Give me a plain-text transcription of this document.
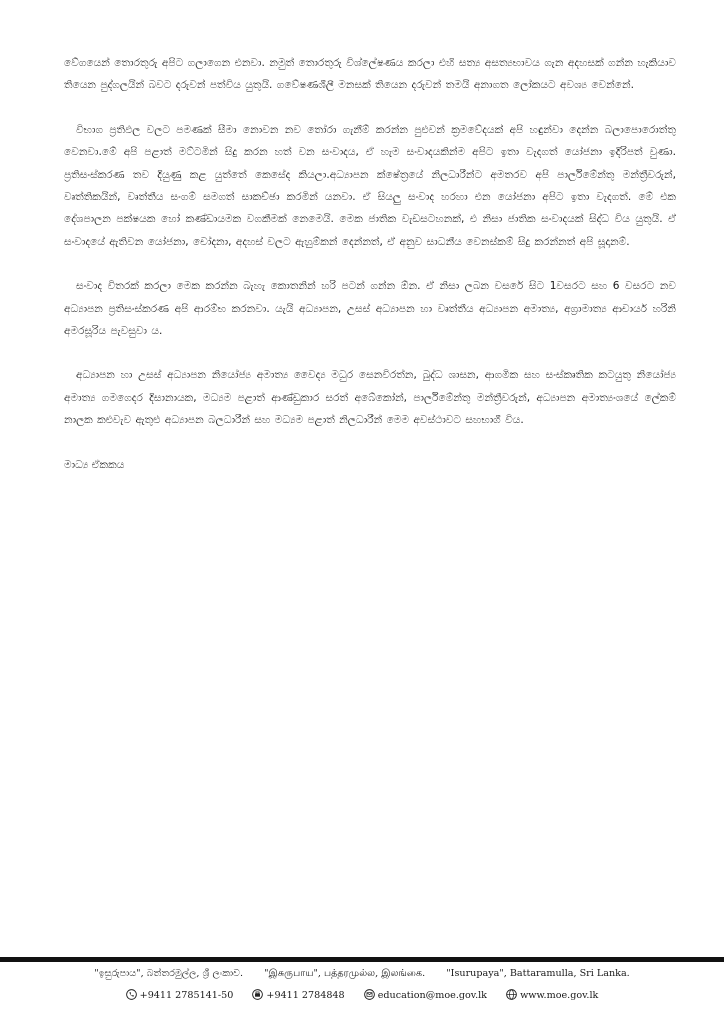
වේගයෙන් තොරතුරු අපිට ගලාගෙන එනවා. නමුත් තොරතුරු විශ්ලේෂණය කරලා එහි සත්‍ය අසත්‍යභාවය ගැන අදහසක් ගන්න හැකියාව තියෙන පුද්ගලයින් බවට දරුවන් පත්විය යුතුයි. ගවේෂණශීලී මනසක් තියෙන දරුවන් තමයි අනාගත ලෝකයට අවශ්‍ය වෙන්නේ.

විභාග ප්‍රතිඵල වලට පමණක් සීමා නොවන නව තෝරා ගැනීම් කරන්න පුළුවන් ක්‍රමවේදයක් අපි හඳුන්වා දෙන්න බලාපොරොත්තු වෙනවා.මේ අපි පළාත් මට්ටමින් සිදු කරන හත් වන සංවාදය, ඒ හැම සංවාදයකින්ම අපිට ඉතා වැදගත් යෝජනා ඉදිරිපත් වුණා. ප්‍රතිසංස්කරණ තව දියුණු කළ යුත්තේ කෙසේද කියලා.අධ්‍යාපන ක්ෂේත්‍රයේ නිලධාරීන්ට අමතරව අපි පාර්ලිමේන්තු මන්ත්‍රීවරුන්, වෘත්තිකයින්, වෘත්තීය සංගම් සමගත් සාකච්ඡා කරමින් යනවා. ඒ සියලු සංවාද හරහා එන යෝජනා අපිට ඉතා වැදගත්. මේ එක දේශපාලන පක්ෂයක හෝ කණ්ඩායමක වගකීමක් නෙමෙයි. මෙක ජාතික වැඩසටහනක්, එ නිසා ජාතික සංවාදයක් සිද්ධ විය යුතුයි. ඒ සංවාදයේ ඇතිවන යෝජනා, චෝදනා, අදහස් වලට ඇහුම්කන් දෙන්නත්, ඒ අනුව සාධනීය වෙනස්කම් සිදු කරන්නත් අපි සූදානම්.

සංවාද විතරක් කරලා මෙක කරන්න බැහැ කොතනින් හරි පටන් ගන්න ඕන. ඒ නිසා ලබන වසරේ සිට 1වසරට සහ 6 වසරට නව අධ්‍යාපන ප්‍රතිසංස්කරණ අපි ආරම්භ කරනවා. යැයි අධ්‍යාපන, උසස් අධ්‍යාපන හා වෘත්තීය අධ්‍යාපන අමාත්‍ය, අග්‍රාමාත්‍ය ආචාර්ය හරිනි අමරසූරිය පැවසුවා ය.

අධ්‍යාපන හා උසස් අධ්‍යාපන නියෝජ්‍ය අමාත්‍ය වෛද්‍ය මධුර සෙනවිරත්න, බුද්ධ ශාසන, ආගමික සහ සංස්කෘතික කටයුතු නියෝජ්‍ය අමාත්‍ය ගමගෙදර දිසානායක, මධ්‍යම පළාත් ආණ්ඩුකාර සරත් අබේකෝන්, පාර්ලිමේන්තු මන්ත්‍රීවරුන්, අධ්‍යාපන අමාත්‍යංශයේ ලේකම් නාලක කළුවැව ඇතුළු අධ්‍යාපන බලධාරීන් සහ මධ්‍යම පළාත් නිලධාරීන් මෙම අවස්ථාවට සහභාගී විය.

මාධ්‍ය ඒකකය

"ඉසුරුපාය", බත්තරමුල්ල, ශ්‍රී ලංකාව. "இசுருபாய", பத்தரமுல்ல, இலங்கை. "Isurupaya", Battaramulla, Sri Lanka.
+9411 2785141-50	+9411 2784848	education@moe.gov.lk	www.moe.gov.lk
